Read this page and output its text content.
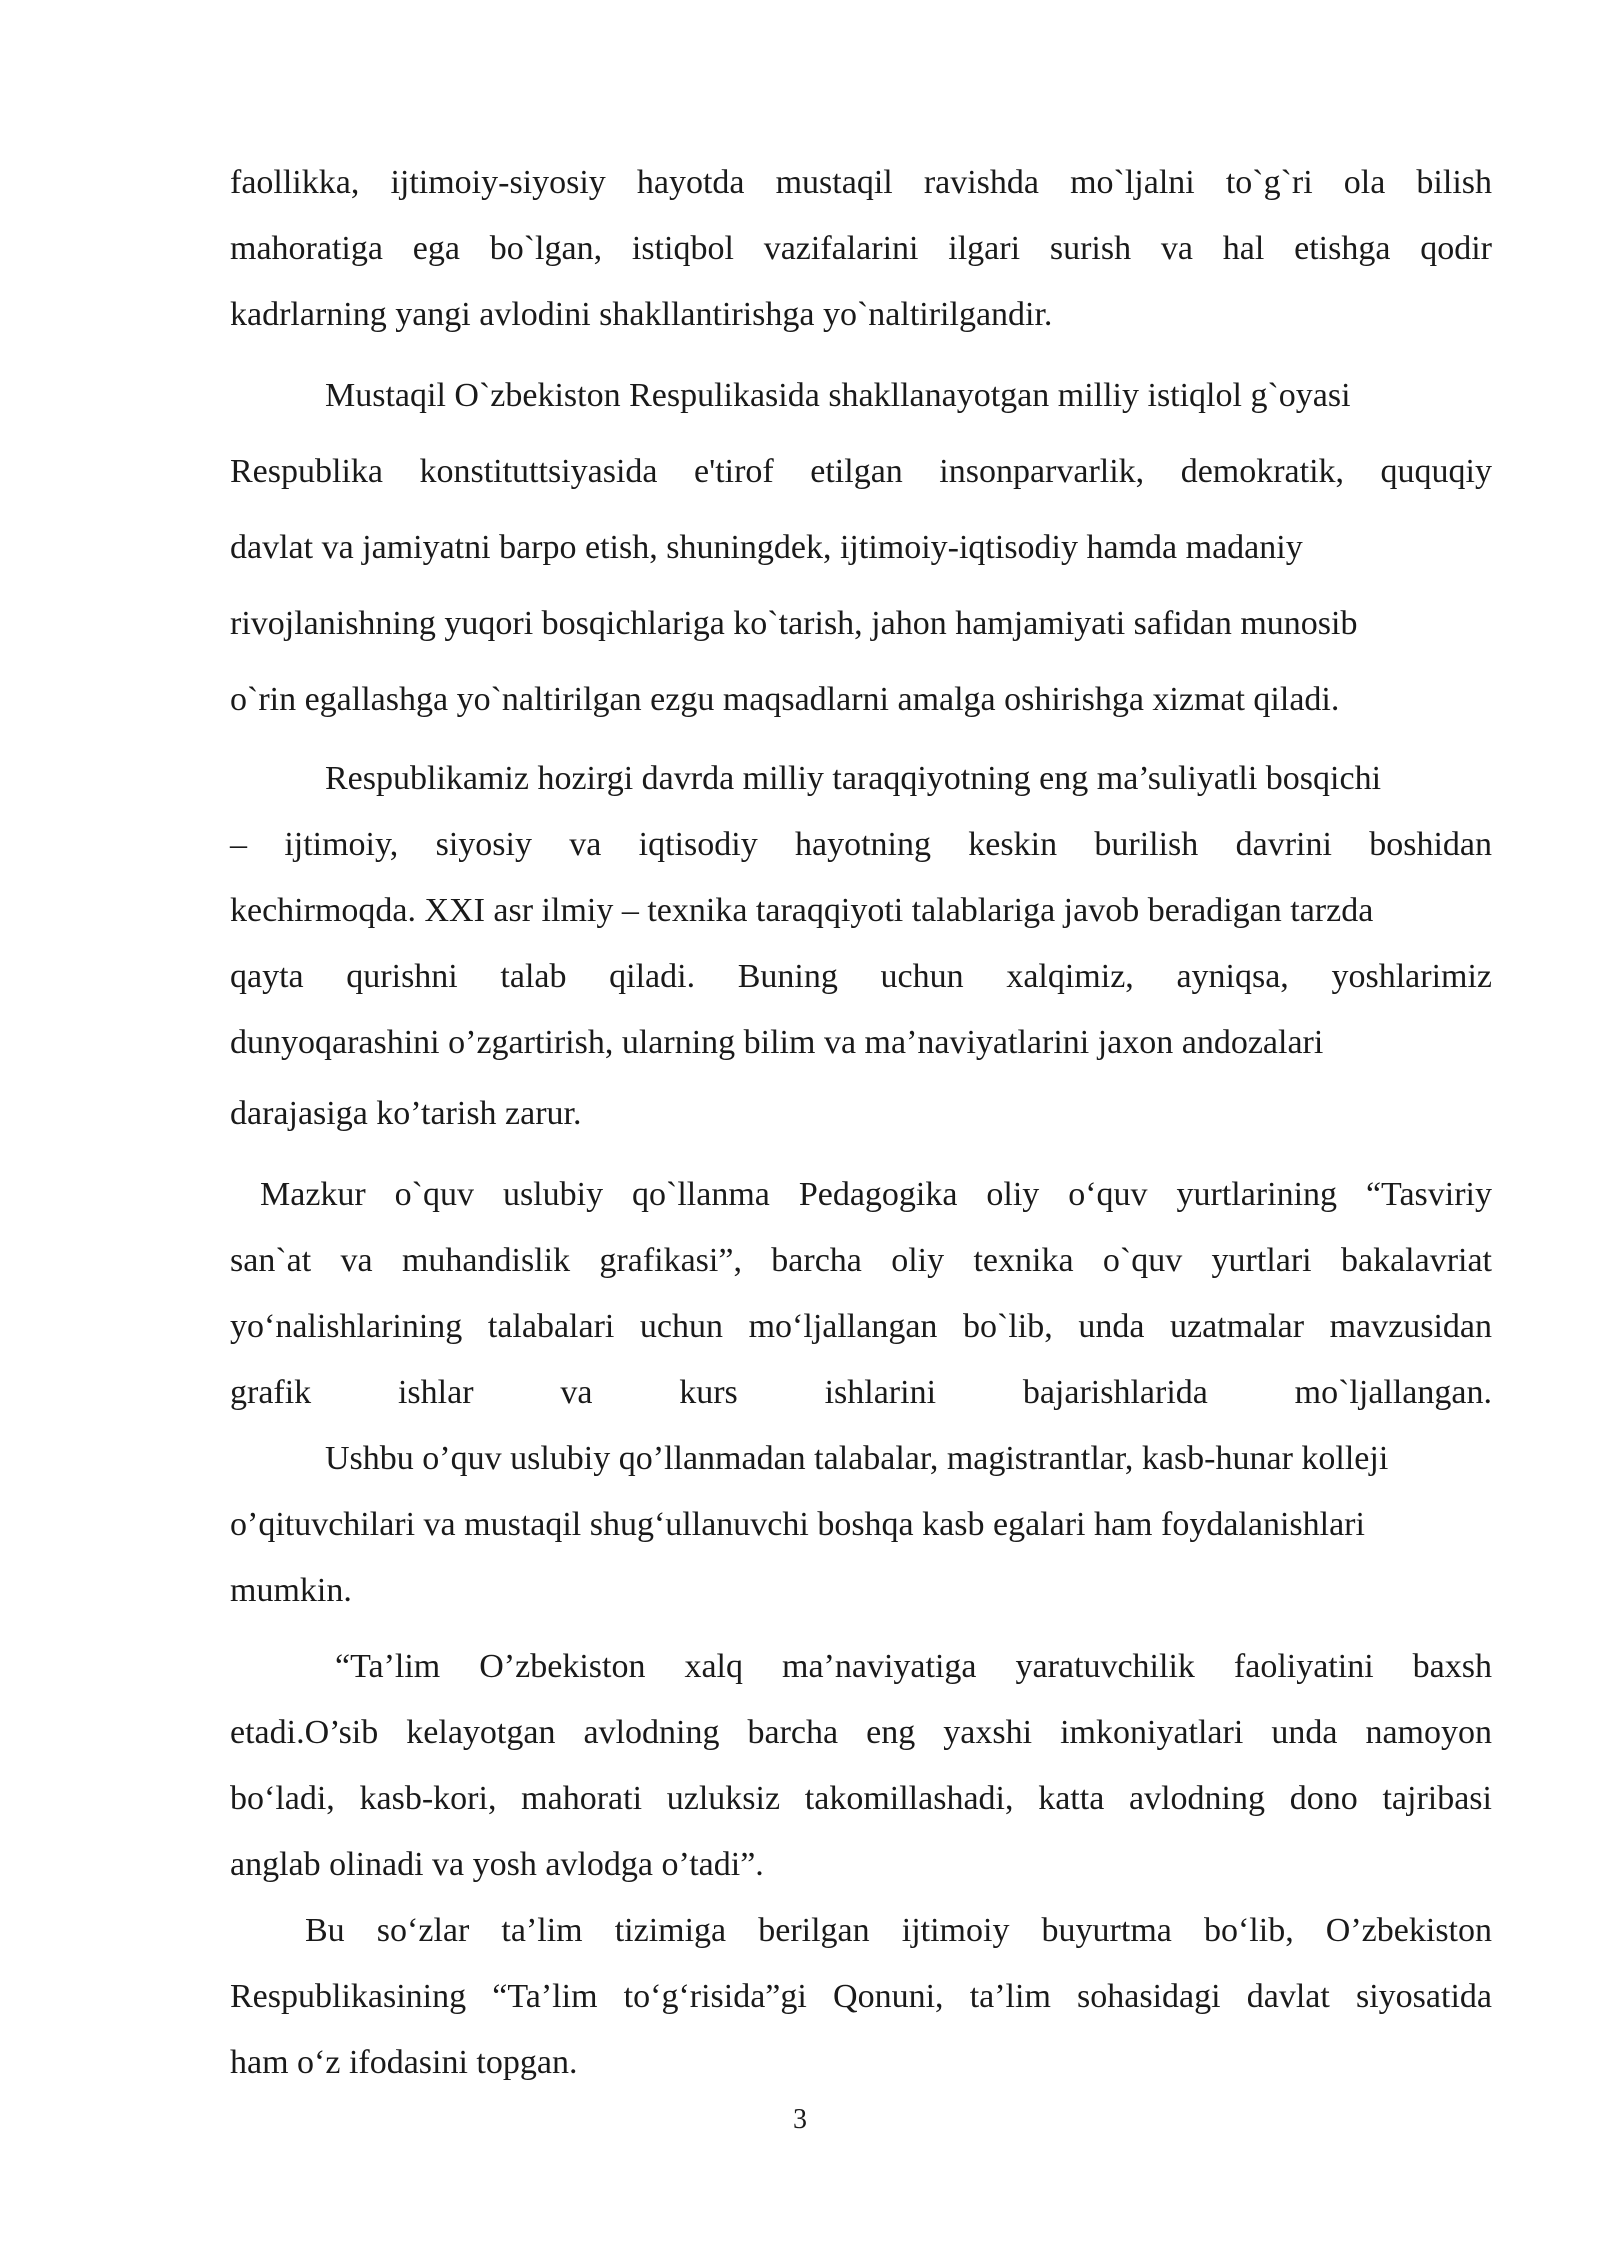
faollikka, ijtimoiy-siyosiy hayotda mustaqil ravishda mo`ljalni to`g`ri ola bilish
mahoratiga ega bo`lgan, istiqbol vazifalarini ilgari surish va hal etishga qodir
kadrlarning yangi avlodini shakllantirishga yo`naltirilgandir.
Mustaqil O`zbekiston Respulikasida shakllanayotgan milliy istiqlol g`oyasi
Respublika konstituttsiyasida e'tirof etilgan insonparvarlik, demokratik, ququqiy
davlat va jamiyatni barpo etish, shuningdek, ijtimoiy-iqtisodiy hamda madaniy
rivojlanishning yuqori bosqichlariga ko`tarish, jahon hamjamiyati safidan munosib
o`rin egallashga yo`naltirilgan ezgu maqsadlarni amalga oshirishga xizmat qiladi.
Respublikamiz hozirgi davrda milliy taraqqiyotning eng ma’suliyatli bosqichi
– ijtimoiy, siyosiy va iqtisodiy hayotning keskin burilish davrini boshidan
kechirmoqda. XXI asr ilmiy – texnika taraqqiyoti talablariga javob beradigan tarzda
qayta qurishni talab qiladi. Buning uchun xalqimiz, ayniqsa, yoshlarimiz
dunyoqarashini o’zgartirish, ularning bilim va ma’naviyatlarini jaxon andozalari
darajasiga ko’tarish zarur.
Mazkur o`quv uslubiy qo`llanma Pedagogika oliy o‘quv yurtlarining “Tasviriy
san`at va muhandislik grafikasi”, barcha oliy texnika o`quv yurtlari bakalavriat
yo‘nalishlarining talabalari uchun mo‘ljallangan bo`lib, unda uzatmalar mavzusidan
grafik ishlar va kurs ishlarini bajarishlarida mo`ljallangan.
Ushbu o’quv uslubiy qo’llanmadan talabalar, magistrantlar, kasb-hunar kolleji
o’qituvchilari va mustaqil shug‘ullanuvchi boshqa kasb egalari ham foydalanishlari
mumkin.
“Ta’lim O’zbekiston xalq ma’naviyatiga yaratuvchilik faoliyatini baxsh
etadi.O’sib kelayotgan avlodning barcha eng yaxshi imkoniyatlari unda namoyon
bo‘ladi, kasb-kori, mahorati uzluksiz takomillashadi, katta avlodning dono tajribasi
anglab olinadi va yosh avlodga o’tadi”.
Bu so‘zlar ta’lim tizimiga berilgan ijtimoiy buyurtma bo‘lib, O’zbekiston
Respublikasining “Ta’lim to‘g‘risida”gi Qonuni, ta’lim sohasidagi davlat siyosatida
ham o‘z ifodasini topgan.
3
